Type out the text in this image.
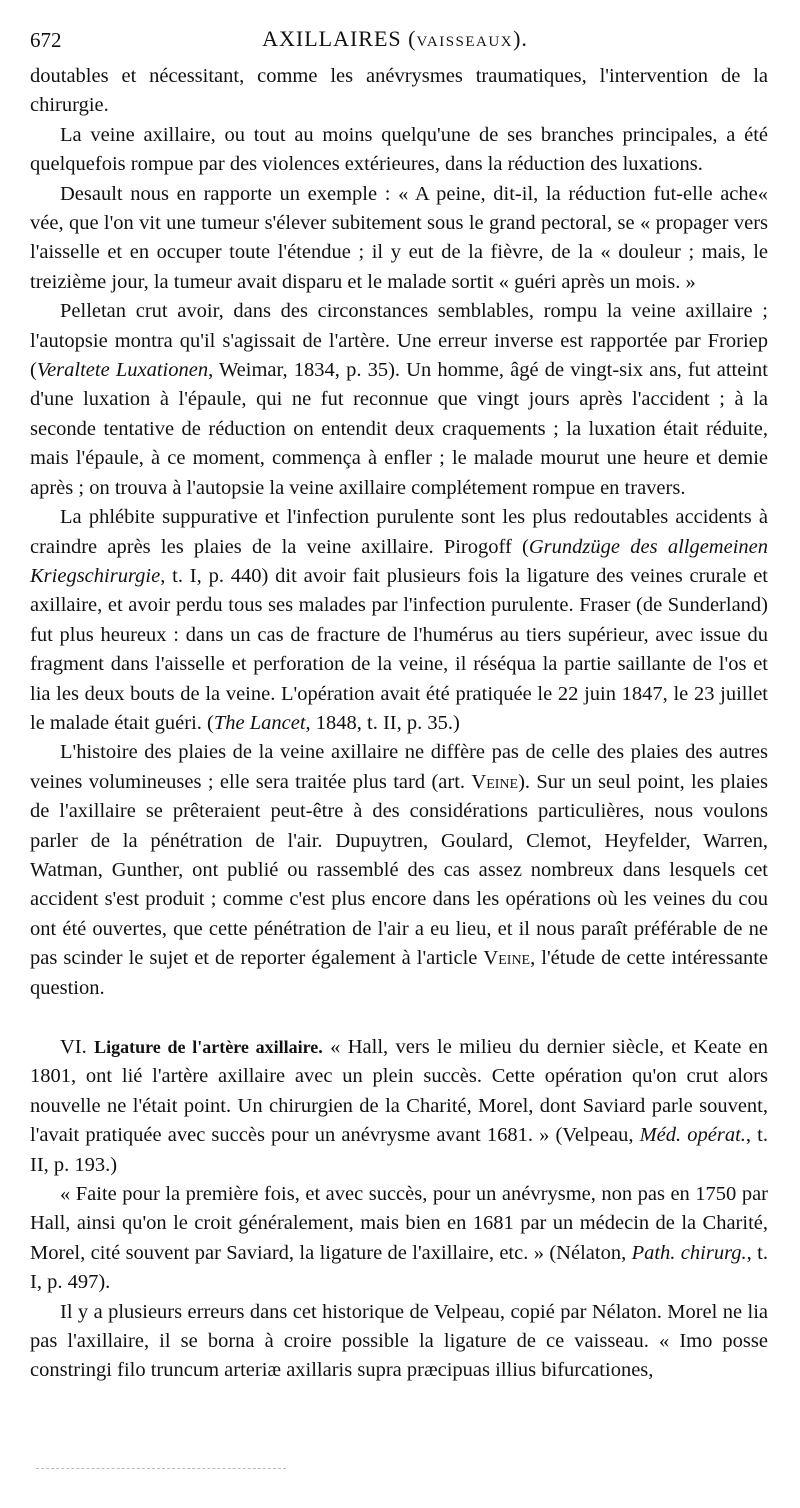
672	AXILLAIRES (VAISSEAUX).

doutables et nécessitant, comme les anévrysmes traumatiques, l'intervention de la chirurgie.

La veine axillaire, ou tout au moins quelqu'une de ses branches principales, a été quelquefois rompue par des violences extérieures, dans la réduction des luxations.

Desault nous en rapporte un exemple : « A peine, dit-il, la réduction fut-elle ache« vée, que l'on vit une tumeur s'élever subitement sous le grand pectoral, se « propager vers l'aisselle et en occuper toute l'étendue ; il y eut de la fièvre, de la « douleur ; mais, le treizième jour, la tumeur avait disparu et le malade sortit « guéri après un mois. »

Pelletan crut avoir, dans des circonstances semblables, rompu la veine axillaire ; l'autopsie montra qu'il s'agissait de l'artère. Une erreur inverse est rapportée par Froriep (Veraltete Luxationen, Weimar, 1834, p. 35). Un homme, âgé de vingt-six ans, fut atteint d'une luxation à l'épaule, qui ne fut reconnue que vingt jours après l'accident ; à la seconde tentative de réduction on entendit deux craquements ; la luxation était réduite, mais l'épaule, à ce moment, commença à enfler ; le malade mourut une heure et demie après ; on trouva à l'autopsie la veine axillaire complétement rompue en travers.

La phlébite suppurative et l'infection purulente sont les plus redoutables accidents à craindre après les plaies de la veine axillaire. Pirogoff (Grundzüge des allgemeinen Kriegschirurgie, t. I, p. 440) dit avoir fait plusieurs fois la ligature des veines crurale et axillaire, et avoir perdu tous ses malades par l'infection purulente. Fraser (de Sunderland) fut plus heureux : dans un cas de fracture de l'humérus au tiers supérieur, avec issue du fragment dans l'aisselle et perforation de la veine, il réséqua la partie saillante de l'os et lia les deux bouts de la veine. L'opération avait été pratiquée le 22 juin 1847, le 23 juillet le malade était guéri. (The Lancet, 1848, t. II, p. 35.)

L'histoire des plaies de la veine axillaire ne diffère pas de celle des plaies des autres veines volumineuses ; elle sera traitée plus tard (art. Veine). Sur un seul point, les plaies de l'axillaire se prêteraient peut-être à des considérations particulières, nous voulons parler de la pénétration de l'air. Dupuytren, Goulard, Clemot, Heyfelder, Warren, Watman, Gunther, ont publié ou rassemblé des cas assez nombreux dans lesquels cet accident s'est produit ; comme c'est plus encore dans les opérations où les veines du cou ont été ouvertes, que cette pénétration de l'air a eu lieu, et il nous paraît préférable de ne pas scinder le sujet et de reporter également à l'article Veine, l'étude de cette intéressante question.

VI. Ligature de l'artère axillaire. « Hall, vers le milieu du dernier siècle, et Keate en 1801, ont lié l'artère axillaire avec un plein succès. Cette opération qu'on crut alors nouvelle ne l'était point. Un chirurgien de la Charité, Morel, dont Saviard parle souvent, l'avait pratiquée avec succès pour un anévrysme avant 1681. » (Velpeau, Méd. opérat., t. II, p. 193.)

« Faite pour la première fois, et avec succès, pour un anévrysme, non pas en 1750 par Hall, ainsi qu'on le croit généralement, mais bien en 1681 par un médecin de la Charité, Morel, cité souvent par Saviard, la ligature de l'axillaire, etc. » (Nélaton, Path. chirurg., t. I, p. 497).

Il y a plusieurs erreurs dans cet historique de Velpeau, copié par Nélaton. Morel ne lia pas l'axillaire, il se borna à croire possible la ligature de ce vaisseau. « Imo posse constringi filo truncum arteriæ axillaris supra præcipuas illius bifurcationes,
